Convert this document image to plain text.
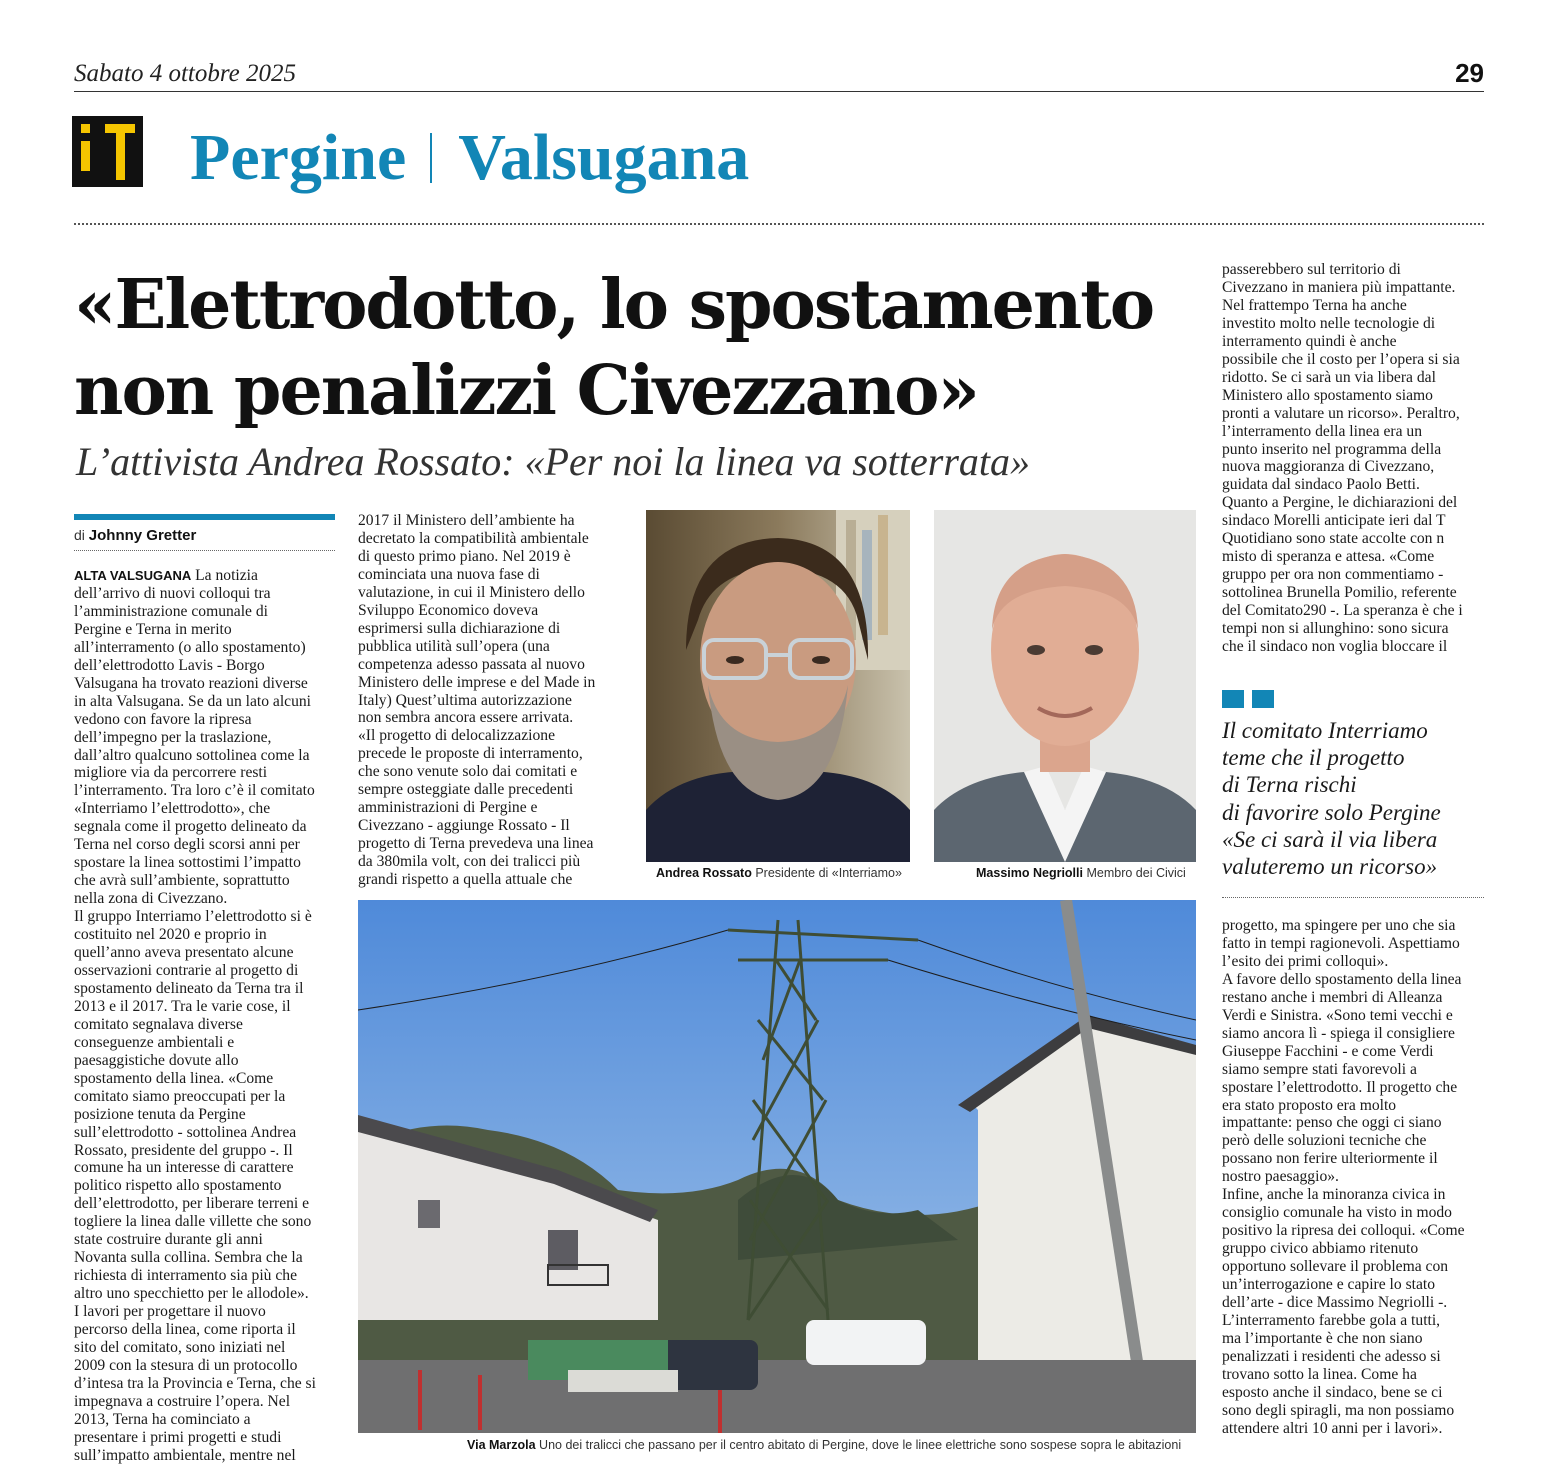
Sabato 4 ottobre 2025	29
Pergine Valsugana
«Elettrodotto, lo spostamento
non penalizzi Civezzano»
L’attivista Andrea Rossato: «Per noi la linea va sotterrata»
di Johnny Gretter

ALTA VALSUGANA La notizia

dell’arrivo di nuovi colloqui tra

l’amministrazione comunale di

Pergine e Terna in merito

all’interramento (o allo spostamento)

dell’elettrodotto Lavis - Borgo

Valsugana ha trovato reazioni diverse

in alta Valsugana. Se da un lato alcuni

vedono con favore la ripresa

dell’impegno per la traslazione,

dall’altro qualcuno sottolinea come la

migliore via da percorrere resti

l’interramento. Tra loro c’è il comitato

«Interriamo l’elettrodotto», che

segnala come il progetto delineato da

Terna nel corso degli scorsi anni per

spostare la linea sottostimi l’impatto

che avrà sull’ambiente, soprattutto

nella zona di Civezzano.

Il gruppo Interriamo l’elettrodotto si è

costituito nel 2020 e proprio in

quell’anno aveva presentato alcune

osservazioni contrarie al progetto di

spostamento delineato da Terna tra il

2013 e il 2017. Tra le varie cose, il

comitato segnalava diverse

conseguenze ambientali e

paesaggistiche dovute allo

spostamento della linea. «Come

comitato siamo preoccupati per la

posizione tenuta da Pergine

sull’elettrodotto - sottolinea Andrea

Rossato, presidente del gruppo -. Il

comune ha un interesse di carattere

politico rispetto allo spostamento

dell’elettrodotto, per liberare terreni e

togliere la linea dalle villette che sono

state costruire durante gli anni

Novanta sulla collina. Sembra che la

richiesta di interramento sia più che

altro uno specchietto per le allodole».

I lavori per progettare il nuovo

percorso della linea, come riporta il

sito del comitato, sono iniziati nel

2009 con la stesura di un protocollo

d’intesa tra la Provincia e Terna, che si

impegnava a costruire l’opera. Nel

2013, Terna ha cominciato a

presentare i primi progetti e studi

sull’impatto ambientale, mentre nel

2017 il Ministero dell’ambiente ha

decretato la compatibilità ambientale

di questo primo piano. Nel 2019 è

cominciata una nuova fase di

valutazione, in cui il Ministero dello

Sviluppo Economico doveva

esprimersi sulla dichiarazione di

pubblica utilità sull’opera (una

competenza adesso passata al nuovo

Ministero delle imprese e del Made in

Italy) Quest’ultima autorizzazione

non sembra ancora essere arrivata.

«Il progetto di delocalizzazione

precede le proposte di interramento,

che sono venute solo dai comitati e

sempre osteggiate dalle precedenti

amministrazioni di Pergine e

Civezzano - aggiunge Rossato - Il

progetto di Terna prevedeva una linea

da 380mila volt, con dei tralicci più

grandi rispetto a quella attuale che

passerebbero sul territorio di

Civezzano in maniera più impattante.

Nel frattempo Terna ha anche

investito molto nelle tecnologie di

interramento quindi è anche

possibile che il costo per l’opera si sia

ridotto. Se ci sarà un via libera dal

Ministero allo spostamento siamo

pronti a valutare un ricorso». Peraltro,

l’interramento della linea era un

punto inserito nel programma della

nuova maggioranza di Civezzano,

guidata dal sindaco Paolo Betti.

Quanto a Pergine, le dichiarazioni del

sindaco Morelli anticipate ieri dal T

Quotidiano sono state accolte con n

misto di speranza e attesa. «Come

gruppo per ora non commentiamo -

sottolinea Brunella Pomilio, referente

del Comitato290 -. La speranza è che i

tempi non si allunghino: sono sicura

che il sindaco non voglia bloccare il

Il comitato Interriamo

teme che il progetto

di Terna rischi

di favorire solo Pergine

«Se ci sarà il via libera

valuteremo un ricorso»

progetto, ma spingere per uno che sia

fatto in tempi ragionevoli. Aspettiamo

l’esito dei primi colloqui».

A favore dello spostamento della linea

restano anche i membri di Alleanza

Verdi e Sinistra. «Sono temi vecchi e

siamo ancora lì - spiega il consigliere

Giuseppe Facchini - e come Verdi

siamo sempre stati favorevoli a

spostare l’elettrodotto. Il progetto che

era stato proposto era molto

impattante: penso che oggi ci siano

però delle soluzioni tecniche che

possano non ferire ulteriormente il

nostro paesaggio».

Infine, anche la minoranza civica in

consiglio comunale ha visto in modo

positivo la ripresa dei colloqui. «Come

gruppo civico abbiamo ritenuto

opportuno sollevare il problema con

un’interrogazione e capire lo stato

dell’arte - dice Massimo Negriolli -.

L’interramento farebbe gola a tutti,

ma l’importante è che non siano

penalizzati i residenti che adesso si

trovano sotto la linea. Come ha

esposto anche il sindaco, bene se ci

sono degli spiragli, ma non possiamo

attendere altri 10 anni per i lavori».

Andrea Rossato Presidente di «Interriamo»	Massimo Negriolli Membro dei Civici
Via Marzola Uno dei tralicci che passano per il centro abitato di Pergine, dove le linee elettriche sono sospese sopra le abitazioni
